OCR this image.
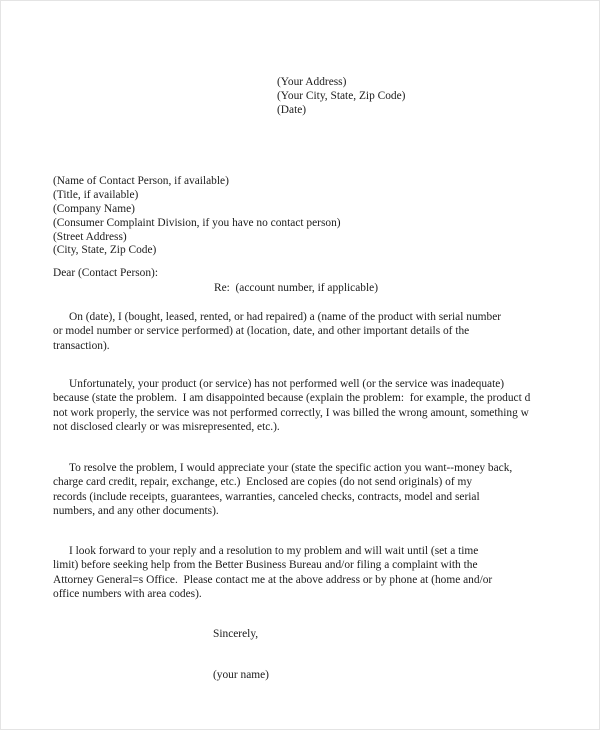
(Your Address)
(Your City, State, Zip Code)
(Date)
(Name of Contact Person, if available)
(Title, if available)
(Company Name)
(Consumer Complaint Division, if you have no contact person)
(Street Address)
(City, State, Zip Code)
Dear (Contact Person):
Re:  (account number, if applicable)
On (date), I (bought, leased, rented, or had repaired) a (name of the product with serial number
or model number or service performed) at (location, date, and other important details of the
transaction).
Unfortunately, your product (or service) has not performed well (or the service was inadequate)
because (state the problem.  I am disappointed because (explain the problem:  for example, the product d
not work properly, the service was not performed correctly, I was billed the wrong amount, something w
not disclosed clearly or was misrepresented, etc.).
To resolve the problem, I would appreciate your (state the specific action you want--money back,
charge card credit, repair, exchange, etc.)  Enclosed are copies (do not send originals) of my
records (include receipts, guarantees, warranties, canceled checks, contracts, model and serial
numbers, and any other documents).
I look forward to your reply and a resolution to my problem and will wait until (set a time
limit) before seeking help from the Better Business Bureau and/or filing a complaint with the
Attorney General=s Office.  Please contact me at the above address or by phone at (home and/or
office numbers with area codes).
Sincerely,
(your name)
